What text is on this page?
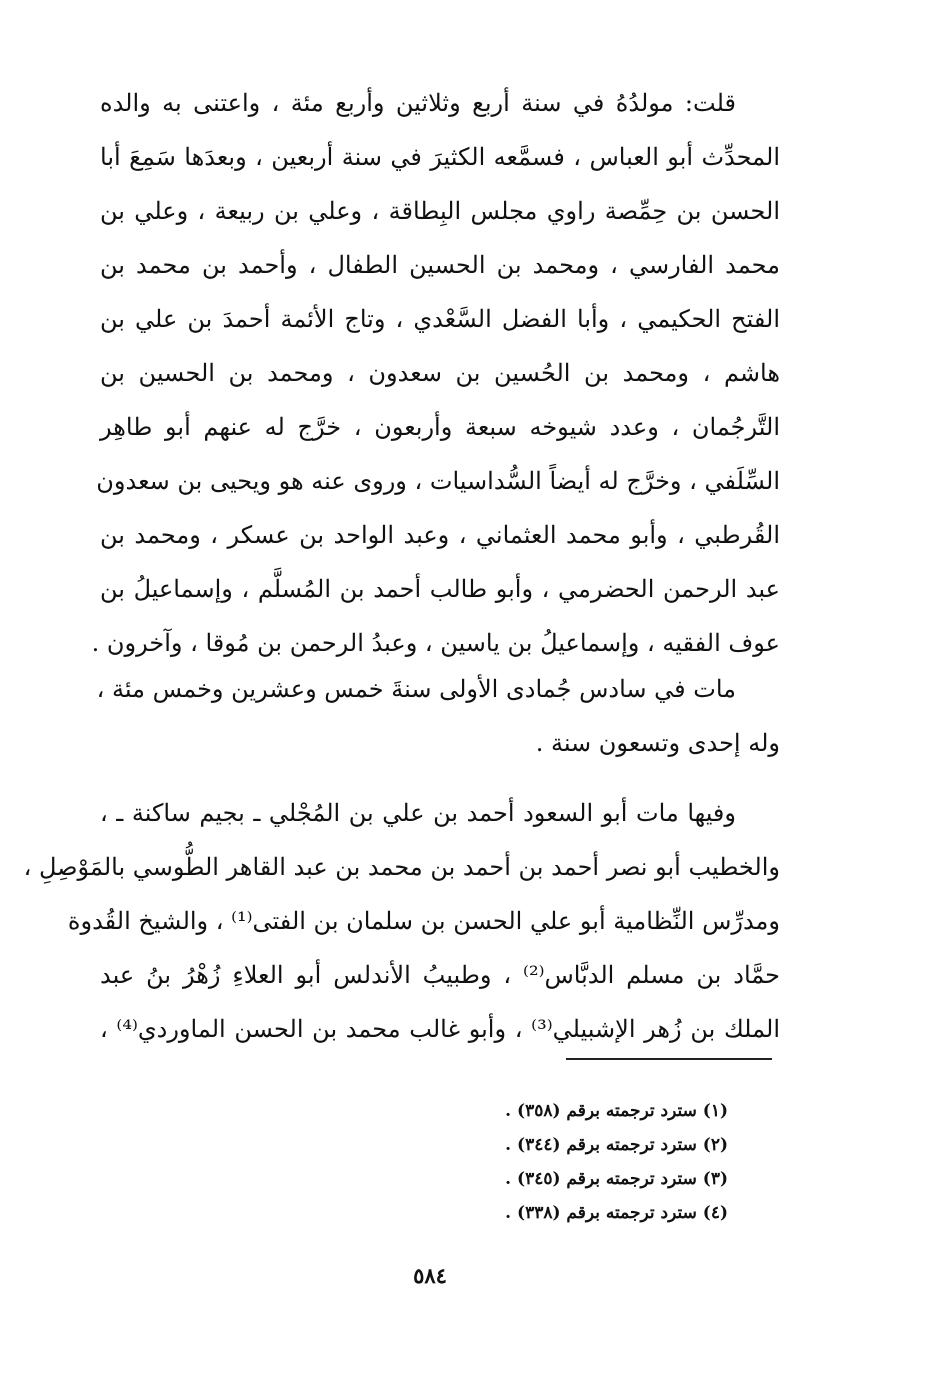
قلت: مولدُهُ في سنة أربع وثلاثين وأربع مئة ، واعتنى به والده
المحدِّث أبو العباس ، فسمَّعه الكثيرَ في سنة أربعين ، وبعدَها سَمِعَ أبا
الحسن بن حِمِّصة راوي مجلس البِطاقة ، وعلي بن ربيعة ، وعلي بن
محمد الفارسي ، ومحمد بن الحسين الطفال ، وأحمد بن محمد بن
الفتح الحكيمي ، وأبا الفضل السَّعْدي ، وتاج الأئمة أحمدَ بن علي بن
هاشم ، ومحمد بن الحُسين بن سعدون ، ومحمد بن الحسين بن
التَّرجُمان ، وعدد شيوخه سبعة وأربعون ، خرَّج له عنهم أبو طاهِر
السِّلَفي ، وخرَّج له أيضاً السُّداسيات ، وروى عنه هو ويحيى بن سعدون
القُرطبي ، وأبو محمد العثماني ، وعبد الواحد بن عسكر ، ومحمد بن
عبد الرحمن الحضرمي ، وأبو طالب أحمد بن المُسلَّم ، وإسماعيلُ بن
عوف الفقيه ، وإسماعيلُ بن ياسين ، وعبدُ الرحمن بن مُوقا ، وآخرون .
مات في سادس جُمادى الأولى سنةَ خمس وعشرين وخمس مئة ،
وله إحدى وتسعون سنة .
وفيها مات أبو السعود أحمد بن علي بن المُجْلي ـ بجيم ساكنة ـ ،
والخطيب أبو نصر أحمد بن أحمد بن محمد بن عبد القاهر الطُّوسي بالمَوْصِلِ ،
ومدرِّس النِّظامية أبو علي الحسن بن سلمان بن الفتى⁽¹⁾ ، والشيخ القُدوة
حمَّاد بن مسلم الدبَّاس⁽²⁾ ، وطبيبُ الأندلس أبو العلاءِ زُهْرُ بنُ عبد
الملك بن زُهر الإشبيلي⁽³⁾ ، وأبو غالب محمد بن الحسن الماوردي⁽⁴⁾ ،
(١) سترد ترجمته برقم (٣٥٨) .
(٢) سترد ترجمته برقم (٣٤٤) .
(٣) سترد ترجمته برقم (٣٤٥) .
(٤) سترد ترجمته برقم (٣٣٨) .
٥٨٤
